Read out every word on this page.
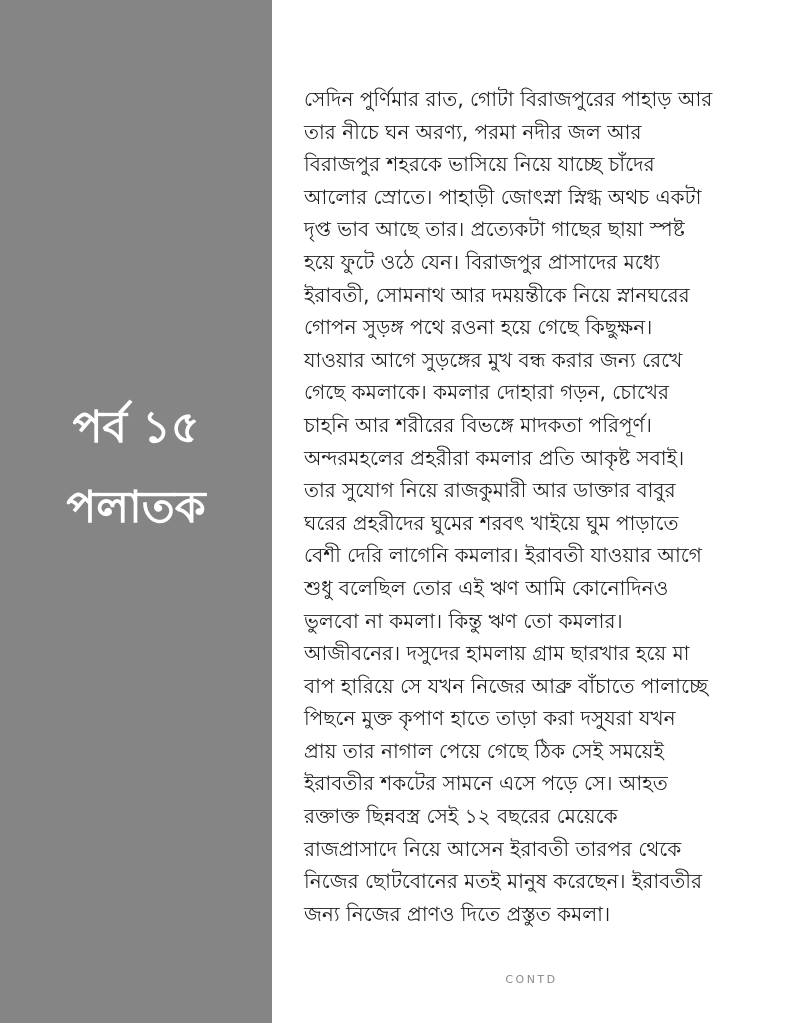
পর্ব ১৫
পলাতক
সেদিন পুর্ণিমার রাত, গোটা বিরাজপুরের পাহাড় আর
তার নীচে ঘন অরণ্য, পরমা নদীর জল আর
বিরাজপুর শহরকে ভাসিয়ে নিয়ে যাচ্ছে চাঁদের
আলোর স্রোতে। পাহাড়ী জোৎস্না স্নিগ্ধ অথচ একটা
দৃপ্ত ভাব আছে তার। প্রত্যেকটা গাছের ছায়া স্পষ্ট
হয়ে ফুটে ওঠে যেন। বিরাজপুর প্রাসাদের মধ্যে
ইরাবতী, সোমনাথ আর দময়ন্তীকে নিয়ে স্নানঘরের
গোপন সুড়ঙ্গ পথে রওনা হয়ে গেছে কিছুক্ষন।
যাওয়ার আগে সুড়ঙ্গের মুখ বন্ধ করার জন্য রেখে
গেছে কমলাকে। কমলার দোহারা গড়ন, চোখের
চাহনি আর শরীরের বিভঙ্গে মাদকতা পরিপূর্ণ।
অন্দরমহলের প্রহরীরা কমলার প্রতি আকৃষ্ট সবাই।
তার সুযোগ নিয়ে রাজকুমারী আর ডাক্তার বাবুর
ঘরের প্রহরীদের ঘুমের শরবৎ খাইয়ে ঘুম পাড়াতে
বেশী দেরি লাগেনি কমলার। ইরাবতী যাওয়ার আগে
শুধু বলেছিল তোর এই ঋণ আমি কোনোদিনও
ভুলবো না কমলা। কিন্তু ঋণ তো কমলার।
আজীবনের। দসুদের হামলায় গ্রাম ছারখার হয়ে মা
বাপ হারিয়ে সে যখন নিজের আব্রু বাঁচাতে পালাচ্ছে
পিছনে মুক্ত কৃপাণ হাতে তাড়া করা দসু্যরা যখন
প্রায় তার নাগাল পেয়ে গেছে ঠিক সেই সময়েই
ইরাবতীর শকটের সামনে এসে পড়ে সে। আহত
রক্তাক্ত ছিন্নবস্ত্র সেই ১২ বছরের মেয়েকে
রাজপ্রাসাদে নিয়ে আসেন ইরাবতী তারপর থেকে
নিজের ছোটবোনের মতই মানুষ করেছেন। ইরাবতীর
জন্য নিজের প্রাণও দিতে প্রস্তুত কমলা।
CONTD
